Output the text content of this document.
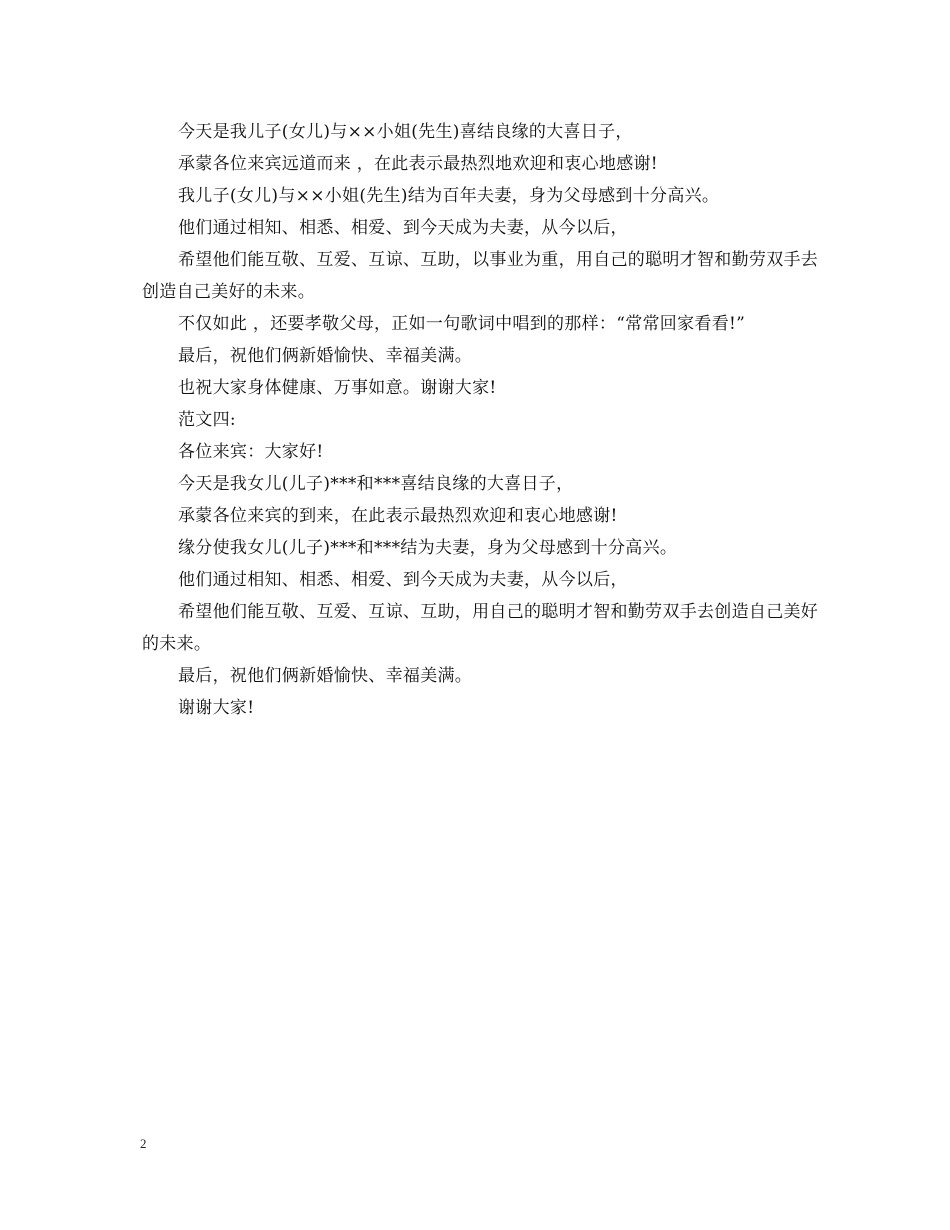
今天是我儿子(女儿)与××小姐(先生)喜结良缘的大喜日子，

承蒙各位来宾远道而来 ，在此表示最热烈地欢迎和衷心地感谢!

我儿子(女儿)与××小姐(先生)结为百年夫妻，身为父母感到十分高兴。

他们通过相知、相悉、相爱、到今天成为夫妻，从今以后，

希望他们能互敬、互爱、互谅、互助，以事业为重，用自己的聪明才智和勤劳双手去创造自己美好的未来。

不仅如此 ，还要孝敬父母，正如一句歌词中唱到的那样：“常常回家看看!”

最后，祝他们俩新婚愉快、幸福美满。

也祝大家身体健康、万事如意。谢谢大家!

范文四:

各位来宾：大家好!

今天是我女儿(儿子)***和***喜结良缘的大喜日子，

承蒙各位来宾的到来，在此表示最热烈欢迎和衷心地感谢!

缘分使我女儿(儿子)***和***结为夫妻，身为父母感到十分高兴。

他们通过相知、相悉、相爱、到今天成为夫妻，从今以后，

希望他们能互敬、互爱、互谅、互助，用自己的聪明才智和勤劳双手去创造自己美好的未来。

最后，祝他们俩新婚愉快、幸福美满。

谢谢大家!

2
